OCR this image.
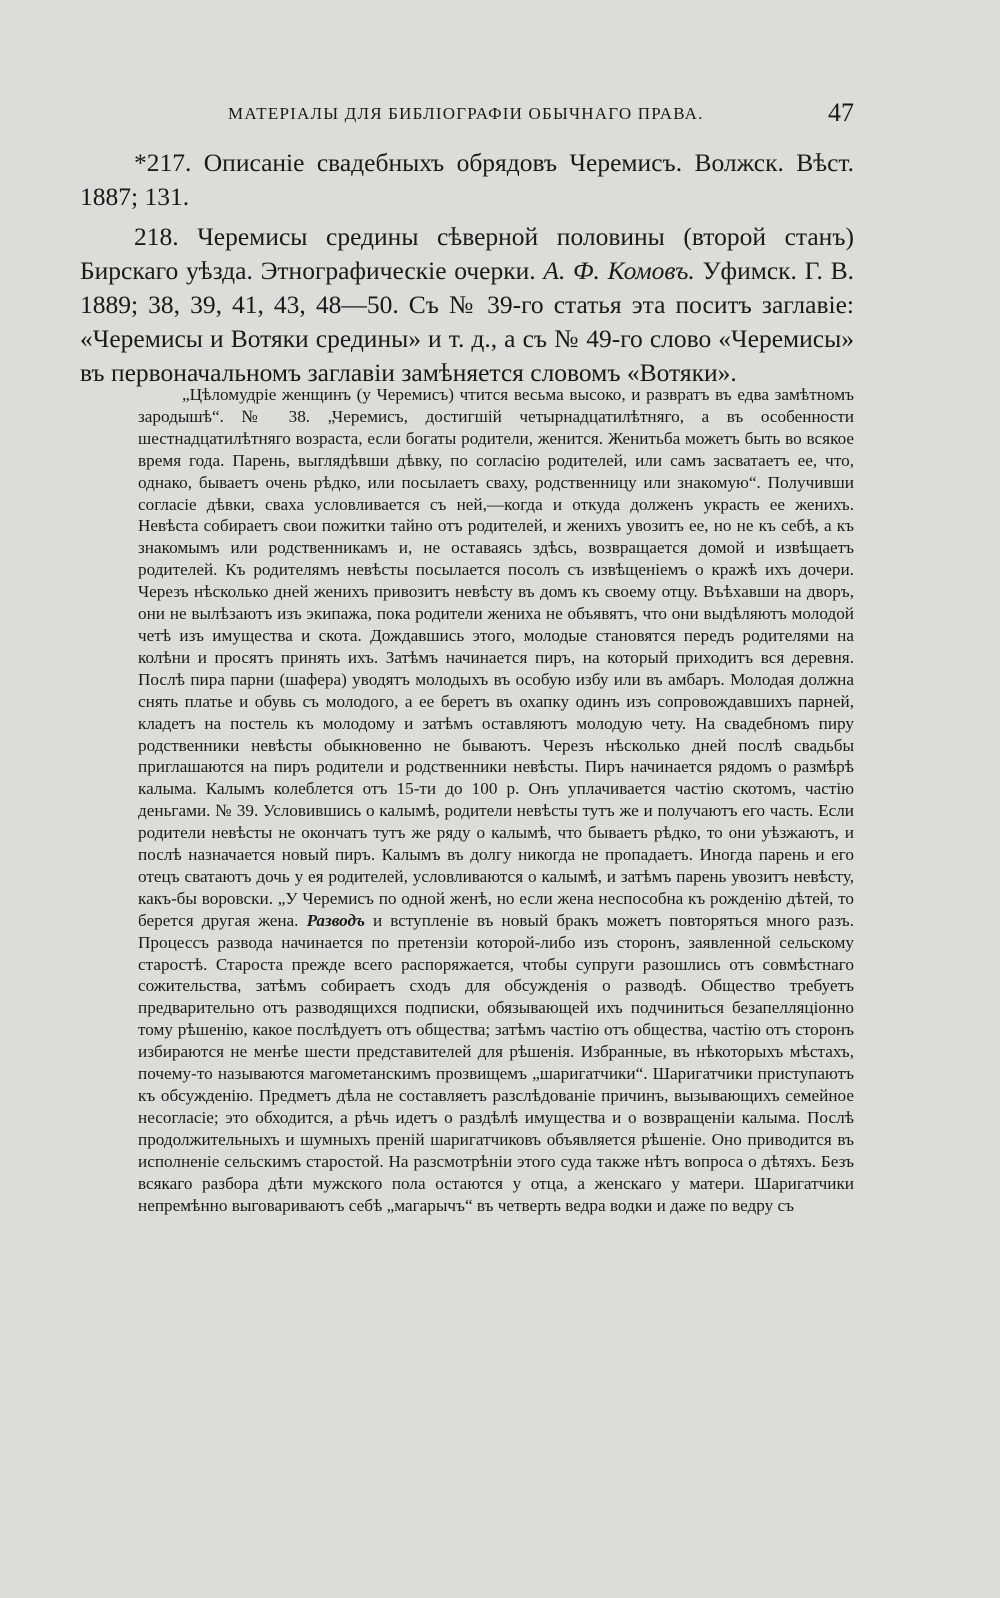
МАТЕРІАЛЫ ДЛЯ БИБЛІОГРАФІИ ОБЫЧНАГО ПРАВА.	47

*217. Описаніе свадебныхъ обрядовъ Черемисъ. Волжск. Вѣст. 1887; 131.

218. Черемисы средины сѣверной половины (второй станъ) Бирскаго уѣзда. Этнографическіе очерки. А. Ф. Комовъ. Уфимск. Г. В. 1889; 38, 39, 41, 43, 48—50. Съ № 39-го статья эта поситъ заглавіе: «Черемисы и Вотяки средины» и т. д., а съ № 49-го слово «Черемисы» въ первоначальномъ заглавіи замѣняется словомъ «Вотяки».

„Цѣломудріе женщинъ (у Черемисъ) чтится весьма высоко, и развратъ въ едва замѣтномъ зародышѣ“. № 38. „Черемисъ, достигшій четырнадцатилѣтняго, а въ особенности шестнадцатилѣтняго возраста, если богаты родители, женится. Женитьба можетъ быть во всякое время года. Парень, выглядѣвши дѣвку, по согласію родителей, или самъ засватаетъ ее, что, однако, бываетъ очень рѣдко, или посылаетъ сваху, родственницу или знакомую“. Получивши согласіе дѣвки, сваха условливается съ ней,—когда и откуда долженъ украсть ее женихъ. Невѣста собираетъ свои пожитки тайно отъ родителей, и женихъ увозитъ ее, но не къ себѣ, а къ знакомымъ или родственникамъ и, не оставаясь здѣсь, возвращается домой и извѣщаетъ родителей. Къ родителямъ невѣсты посылается посолъ съ извѣщеніемъ о кражѣ ихъ дочери. Черезъ нѣсколько дней женихъ привозитъ невѣсту въ домъ къ своему отцу. Въѣхавши на дворъ, они не вылѣзаютъ изъ экипажа, пока родители жениха не объявятъ, что они выдѣляютъ молодой четѣ изъ имущества и скота. Дождавшись этого, молодые становятся передъ родителями на колѣни и просятъ принять ихъ. Затѣмъ начинается пиръ, на который приходитъ вся деревня. Послѣ пира парни (шафера) уводятъ молодыхъ въ особую избу или въ амбаръ. Молодая должна снять платье и обувь съ молодого, а ее беретъ въ охапку одинъ изъ сопровождавшихъ парней, кладетъ на постель къ молодому и затѣмъ оставляютъ молодую чету. На свадебномъ пиру родственники невѣсты обыкновенно не бываютъ. Черезъ нѣсколько дней послѣ свадьбы приглашаются на пиръ родители и родственники невѣсты. Пиръ начинается рядомъ о размѣрѣ калыма. Калымъ колеблется отъ 15-ти до 100 р. Онъ уплачивается частію скотомъ, частію деньгами. № 39. Условившись о калымѣ, родители невѣсты тутъ же и получаютъ его часть. Если родители невѣсты не окончатъ тутъ же ряду о калымѣ, что бываетъ рѣдко, то они уѣзжаютъ, и послѣ назначается новый пиръ. Калымъ въ долгу никогда не пропадаетъ. Иногда парень и его отецъ сватаютъ дочь у ея родителей, условливаются о калымѣ, и затѣмъ парень увозитъ невѣсту, какъ-бы воровски. „У Черемисъ по одной женѣ, но если жена неспособна къ рожденію дѣтей, то берется другая жена. Разводъ и вступленіе въ новый бракъ можетъ повторяться много разъ. Процессъ развода начинается по претензіи которой-либо изъ сторонъ, заявленной сельскому старостѣ. Староста прежде всего распоряжается, чтобы супруги разошлись отъ совмѣстнаго сожительства, затѣмъ собираетъ сходъ для обсужденія о разводѣ. Общество требуетъ предварительно отъ разводящихся подписки, обязывающей ихъ подчиниться безапелляціонно тому рѣшенію, какое послѣдуетъ отъ общества; затѣмъ частію отъ общества, частію отъ сторонъ избираются не менѣе шести представителей для рѣшенія. Избранные, въ нѣкоторыхъ мѣстахъ, почему-то называются магометанскимъ прозвищемъ „шаригатчики“. Шаригатчики приступаютъ къ обсужденію. Предметъ дѣла не составляетъ разслѣдованіе причинъ, вызывающихъ семейное несогласіе; это обходится, а рѣчь идетъ о раздѣлѣ имущества и о возвращеніи калыма. Послѣ продолжительныхъ и шумныхъ преній шаригатчиковъ объявляется рѣшеніе. Оно приводится въ исполненіе сельскимъ старостой. На разсмотрѣніи этого суда также нѣтъ вопроса о дѣтяхъ. Безъ всякаго разбора дѣти мужского пола остаются у отца, а женскаго у матери. Шаригатчики непремѣнно выговариваютъ себѣ „магарычъ“ въ четверть ведра водки и даже по ведру съ
